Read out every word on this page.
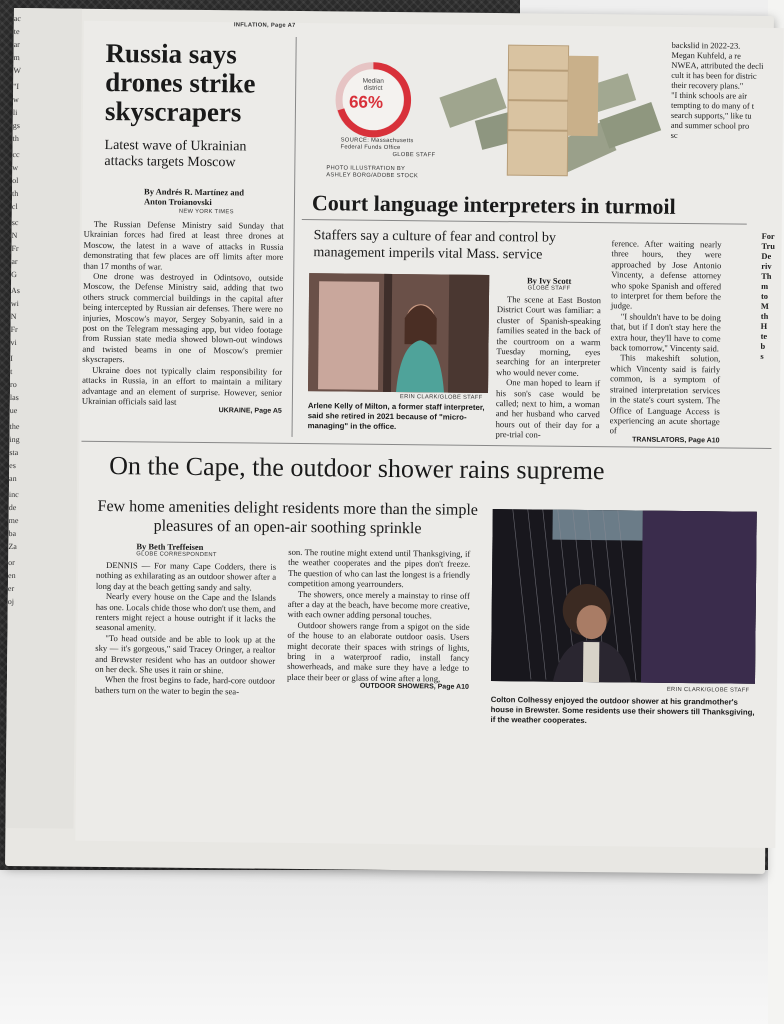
ac
te
ar
m
W
"I
w
li
gs
th
cc
w
ol
th
cl
sc
N
Fr
ar
G
As
wi
N
Fr
vi
I
t
ro
las
ue
the
ing
sta
es
an
inc
de
me
ba
Za
or
en
er
oj
INFLATION, Page A7
Russia says drones strike skyscrapers
Latest wave of Ukrainian attacks targets Moscow
By Andrés R. Martínez and Anton Troianovski
NEW YORK TIMES

The Russian Defense Ministry said Sunday that Ukrainian forces had fired at least three drones at Moscow, the latest in a wave of attacks in Russia demonstrating that few places are off limits after more than 17 months of war.

One drone was destroyed in Odintsovo, outside Moscow, the Defense Ministry said, adding that two others struck commercial buildings in the capital after being intercepted by Russian air defenses. There were no injuries, Moscow's mayor, Sergey Sobyanin, said in a post on the Telegram messaging app, but video footage from Russian state media showed blown-out windows and twisted beams in one of Moscow's premier skyscrapers.

Ukraine does not typically claim responsibility for attacks in Russia, in an effort to maintain a military advantage and an element of surprise. However, senior Ukrainian officials said last

UKRAINE, Page A5
Median district
66%
SOURCE: Massachusetts Federal Funds Office
GLOBE STAFF
PHOTO ILLUSTRATION BY ASHLEY BORG/ADOBE STOCK
backslid in 2022-23.
Megan Kuhfeld, a re
NWEA, attributed the decli
cult it has been for distric
their recovery plans."
"I think schools are air
tempting to do many of t
search supports," like tu
and summer school pro
sc
For
Tru
De
riv
Th
m
to
M
th
H
te
b
s
Court language interpreters in turmoil
Staffers say a culture of fear and control by management imperils vital Mass. service
ERIN CLARK/GLOBE STAFF
Arlene Kelly of Milton, a former staff interpreter, said she retired in 2021 because of "micro-managing" in the office.
By Ivy Scott
GLOBE STAFF

The scene at East Boston District Court was familiar: a cluster of Spanish-speaking families seated in the back of the courtroom on a warm Tuesday morning, eyes searching for an interpreter who would never come.

One man hoped to learn if his son's case would be called; next to him, a woman and her husband who carved hours out of their day for a pre-trial con-

ference. After waiting nearly three hours, they were approached by Jose Antonio Vincenty, a defense attorney who spoke Spanish and offered to interpret for them before the judge.

"I shouldn't have to be doing that, but if I don't stay here the extra hour, they'll have to come back tomorrow," Vincenty said.

This makeshift solution, which Vincenty said is fairly common, is a symptom of strained interpretation services in the state's court system. The Office of Language Access is experiencing an acute shortage of

TRANSLATORS, Page A10
On the Cape, the outdoor shower rains supreme
Few home amenities delight residents more than the simple pleasures of an open-air soothing sprinkle
By Beth Treffeisen
GLOBE CORRESPONDENT

DENNIS — For many Cape Codders, there is nothing as exhilarating as an outdoor shower after a long day at the beach getting sandy and salty.

Nearly every house on the Cape and the Islands has one. Locals chide those who don't use them, and renters might reject a house outright if it lacks the seasonal amenity.

"To head outside and be able to look up at the sky — it's gorgeous," said Tracey Oringer, a realtor and Brewster resident who has an outdoor shower on her deck. She uses it rain or shine.

When the frost begins to fade, hard-core outdoor bathers turn on the water to begin the sea-

son. The routine might extend until Thanksgiving, if the weather cooperates and the pipes don't freeze. The question of who can last the longest is a friendly competition among yearrounders.

The showers, once merely a mainstay to rinse off after a day at the beach, have become more creative, with each owner adding personal touches.

Outdoor showers range from a spigot on the side of the house to an elaborate outdoor oasis. Users might decorate their spaces with strings of lights, bring in a waterproof radio, install fancy showerheads, and make sure they have a ledge to place their beer or glass of wine after a long,

OUTDOOR SHOWERS, Page A10	ERIN CLARK/GLOBE STAFF
Colton Colhessy enjoyed the outdoor shower at his grandmother's house in Brewster. Some residents use their showers till Thanksgiving, if the weather cooperates.
